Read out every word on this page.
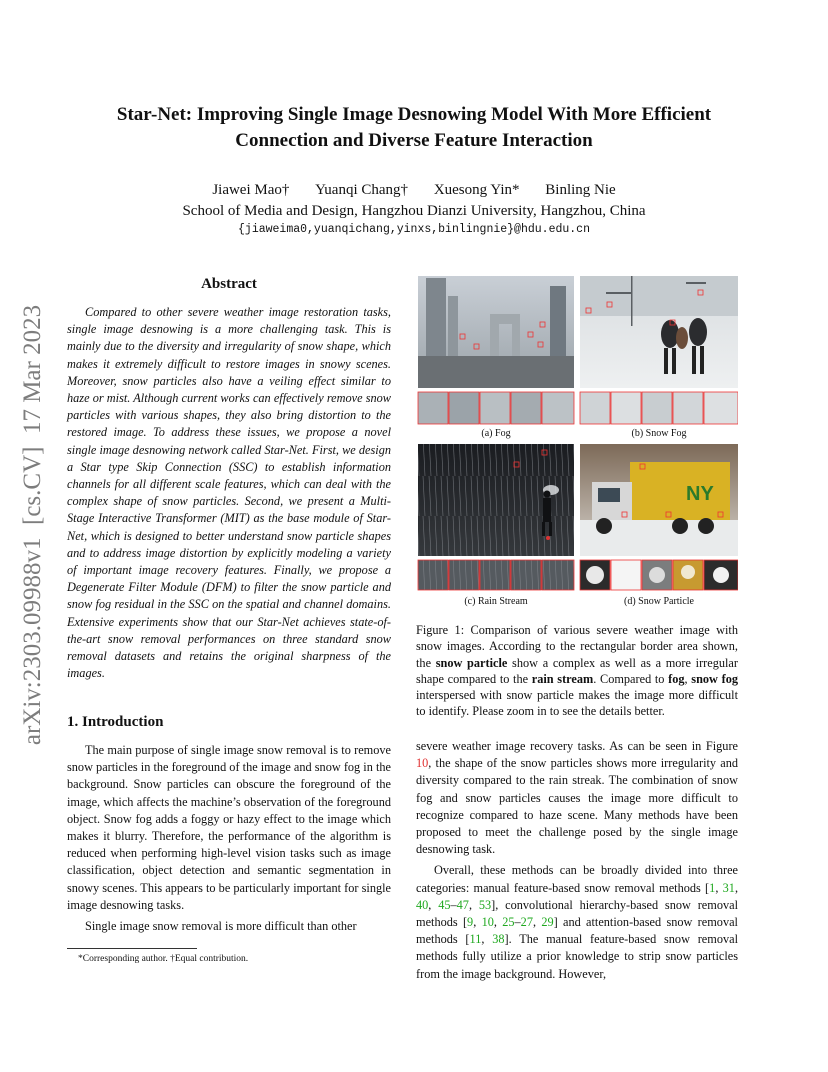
Star-Net: Improving Single Image Desnowing Model With More Efficient
Connection and Diverse Feature Interaction
Jiawei Mao† Yuanqi Chang† Xuesong Yin* Binling Nie
School of Media and Design, Hangzhou Dianzi University, Hangzhou, China
{jiaweima0,yuanqichang,yinxs,binlingnie}@hdu.edu.cn
arXiv:2303.09988v1  [cs.CV]  17 Mar 2023
Abstract
Compared to other severe weather image restoration tasks, single image desnowing is a more challenging task. This is mainly due to the diversity and irregularity of snow shape, which makes it extremely difficult to restore images in snowy scenes. Moreover, snow particles also have a veiling effect similar to haze or mist. Although current works can effectively remove snow particles with various shapes, they also bring distortion to the restored image. To address these issues, we propose a novel single image desnowing network called Star-Net. First, we design a Star type Skip Connection (SSC) to establish information channels for all different scale features, which can deal with the complex shape of snow particles. Second, we present a Multi-Stage Interactive Transformer (MIT) as the base module of Star-Net, which is designed to better understand snow particle shapes and to address image distortion by explicitly modeling a variety of important image recovery features. Finally, we propose a Degenerate Filter Module (DFM) to filter the snow particle and snow fog residual in the SSC on the spatial and channel domains. Extensive experiments show that our Star-Net achieves state-of-the-art snow removal performances on three standard snow removal datasets and retains the original sharpness of the images.
1. Introduction

The main purpose of single image snow removal is to remove snow particles in the foreground of the image and snow fog in the background. Snow particles can obscure the foreground of the image, which affects the machine’s observation of the foreground object. Snow fog adds a foggy or hazy effect to the image which makes it blurry. Therefore, the performance of the algorithm is reduced when performing high-level vision tasks such as image classification, object detection and semantic segmentation in snowy scenes. This appears to be particularly important for single image desnowing tasks.

Single image snow removal is more difficult than other

*Corresponding author. †Equal contribution.
NY
(a) Fog	(b) Snow Fog
(c) Rain Stream	(d) Snow Particle
Figure 1: Comparison of various severe weather image with snow images. According to the rectangular border area shown, the snow particle show a complex as well as a more irregular shape compared to the rain stream. Compared to fog, snow fog interspersed with snow particle makes the image more difficult to identify. Please zoom in to see the details better.

severe weather image recovery tasks. As can be seen in Figure 10, the shape of the snow particles shows more irregularity and diversity compared to the rain streak. The combination of snow fog and snow particles causes the image more difficult to recognize compared to haze scene. Many methods have been proposed to meet the challenge posed by the single image desnowing task.

Overall, these methods can be broadly divided into three categories: manual feature-based snow removal methods [1, 31, 40, 45–47, 53], convolutional hierarchy-based snow removal methods [9, 10, 25–27, 29] and attention-based snow removal methods [11, 38]. The manual feature-based snow removal methods fully utilize a prior knowledge to strip snow particles from the image background. However,
